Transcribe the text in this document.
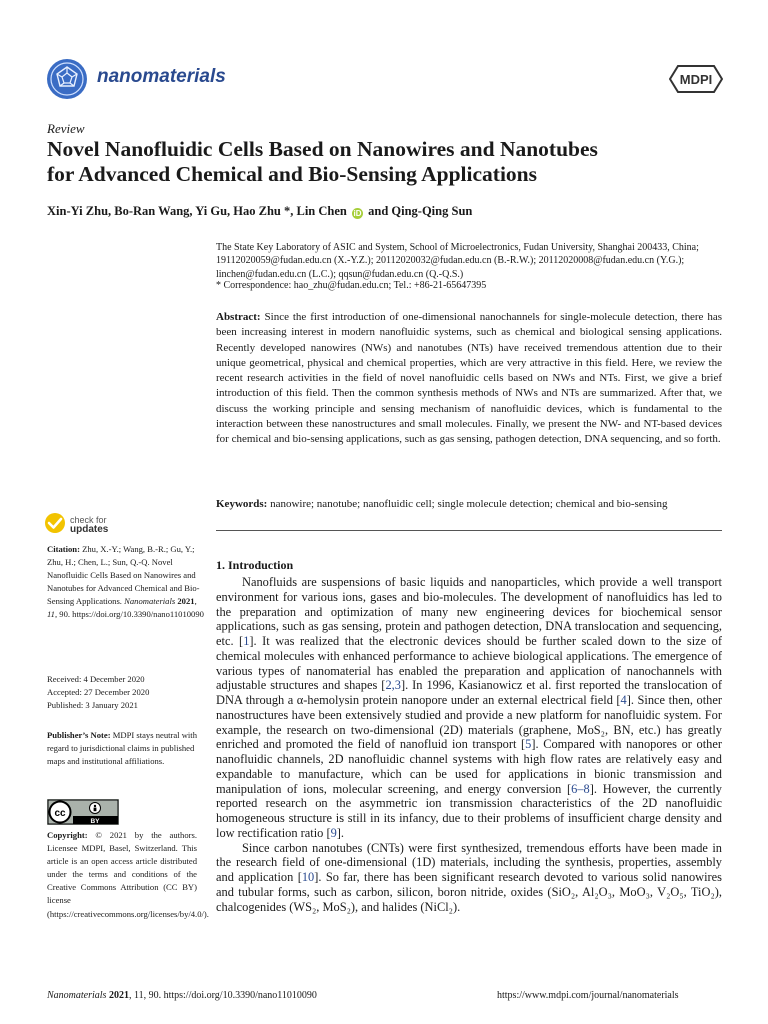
nanomaterials	MDPI
Review
Novel Nanofluidic Cells Based on Nanowires and Nanotubes
for Advanced Chemical and Bio-Sensing Applications
Xin-Yi Zhu, Bo-Ran Wang, Yi Gu, Hao Zhu *, Lin Chen iD and Qing-Qing Sun
The State Key Laboratory of ASIC and System, School of Microelectronics, Fudan University, Shanghai 200433, China; 19112020059@fudan.edu.cn (X.-Y.Z.); 20112020032@fudan.edu.cn (B.-R.W.); 20112020008@fudan.edu.cn (Y.G.); linchen@fudan.edu.cn (L.C.); qqsun@fudan.edu.cn (Q.-Q.S.)
* Correspondence: hao_zhu@fudan.edu.cn; Tel.: +86-21-65647395
Abstract: Since the first introduction of one-dimensional nanochannels for single-molecule detection, there has been increasing interest in modern nanofluidic systems, such as chemical and biological sensing applications. Recently developed nanowires (NWs) and nanotubes (NTs) have received tremendous attention due to their unique geometrical, physical and chemical properties, which are very attractive in this field. Here, we review the recent research activities in the field of novel nanofluidic cells based on NWs and NTs. First, we give a brief introduction of this field. Then the common synthesis methods of NWs and NTs are summarized. After that, we discuss the working principle and sensing mechanism of nanofluidic devices, which is fundamental to the interaction between these nanostructures and small molecules. Finally, we present the NW- and NT-based devices for chemical and bio-sensing applications, such as gas sensing, pathogen detection, DNA sequencing, and so forth.
Keywords: nanowire; nanotube; nanofluidic cell; single molecule detection; chemical and bio-sensing
check for
updates
Citation: Zhu, X.-Y.; Wang, B.-R.; Gu, Y.; Zhu, H.; Chen, L.; Sun, Q.-Q. Novel Nanofluidic Cells Based on Nanowires and Nanotubes for Advanced Chemical and Bio-Sensing Applications. Nanomaterials 2021, 11, 90. https://doi.org/10.3390/nano11010090
Received: 4 December 2020
Accepted: 27 December 2020
Published: 3 January 2021
Publisher’s Note: MDPI stays neutral with regard to jurisdictional claims in published maps and institutional affiliations.
cc
BY
Copyright: © 2021 by the authors. Licensee MDPI, Basel, Switzerland. This article is an open access article distributed under the terms and conditions of the Creative Commons Attribution (CC BY) license (https://creativecommons.org/licenses/by/4.0/).
1. Introduction

Nanofluids are suspensions of basic liquids and nanoparticles, which provide a well transport environment for various ions, gases and bio-molecules. The development of nanofluidics has led to the preparation and optimization of many new engineering devices for biochemical sensor applications, such as gas sensing, protein and pathogen detection, DNA translocation and sequencing, etc. [1]. It was realized that the electronic devices should be further scaled down to the size of chemical molecules with enhanced performance to achieve biological applications. The emergence of various types of nanomaterial has enabled the preparation and application of nanochannels with adjustable structures and shapes [2,3]. In 1996, Kasianowicz et al. first reported the translocation of DNA through a α-hemolysin protein nanopore under an external electrical field [4]. Since then, other nanostructures have been extensively studied and provide a new platform for nanofluidic system. For example, the research on two-dimensional (2D) materials (graphene, MoS₂, BN, etc.) has greatly enriched and promoted the field of nanofluid ion transport [5]. Compared with nanopores or other nanofluidic channels, 2D nanofluidic channel systems with high flow rates are relatively easy and expandable to manufacture, which can be used for applications in bionic transmission and manipulation of ions, molecular screening, and energy conversion [6–8]. However, the currently reported research on the asymmetric ion transmission characteristics of the 2D nanofluidic homogeneous structure is still in its infancy, due to their problems of insufficient charge density and low rectification ratio [9].

Since carbon nanotubes (CNTs) were first synthesized, tremendous efforts have been made in the research field of one-dimensional (1D) materials, including the synthesis, properties, assembly and application [10]. So far, there has been significant research devoted to various solid nanowires and tubular forms, such as carbon, silicon, boron nitride, oxides (SiO₂, Al₂O₃, MoO₃, V₂O₅, TiO₂), chalcogenides (WS₂, MoS₂), and halides (NiCl₂).

Nanomaterials 2021, 11, 90. https://doi.org/10.3390/nano11010090	https://www.mdpi.com/journal/nanomaterials
